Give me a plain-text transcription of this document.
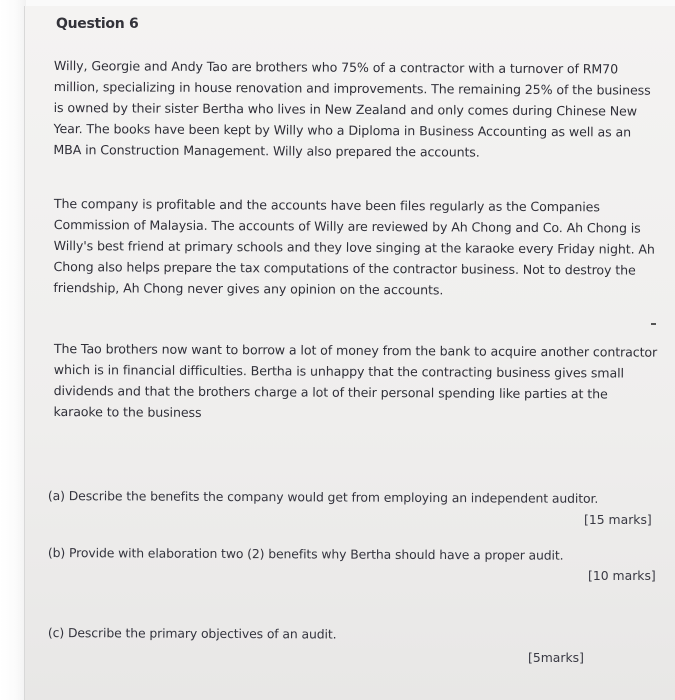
Question 6
Willy, Georgie and Andy Tao are brothers who 75% of a contractor with a turnover of RM70 million, specializing in house renovation and improvements. The remaining 25% of the business is owned by their sister Bertha who lives in New Zealand and only comes during Chinese New Year. The books have been kept by Willy who a Diploma in Business Accounting as well as an MBA in Construction Management. Willy also prepared the accounts.
The company is profitable and the accounts have been files regularly as the Companies Commission of Malaysia. The accounts of Willy are reviewed by Ah Chong and Co. Ah Chong is Willy's best friend at primary schools and they love singing at the karaoke every Friday night. Ah Chong also helps prepare the tax computations of the contractor business. Not to destroy the friendship, Ah Chong never gives any opinion on the accounts.
The Tao brothers now want to borrow a lot of money from the bank to acquire another contractor which is in financial difficulties. Bertha is unhappy that the contracting business gives small dividends and that the brothers charge a lot of their personal spending like parties at the karaoke to the business
(a) Describe the benefits the company would get from employing an independent auditor.
[15 marks]
(b) Provide with elaboration two (2) benefits why Bertha should have a proper audit.
[10 marks]
(c) Describe the primary objectives of an audit.
[5marks]
